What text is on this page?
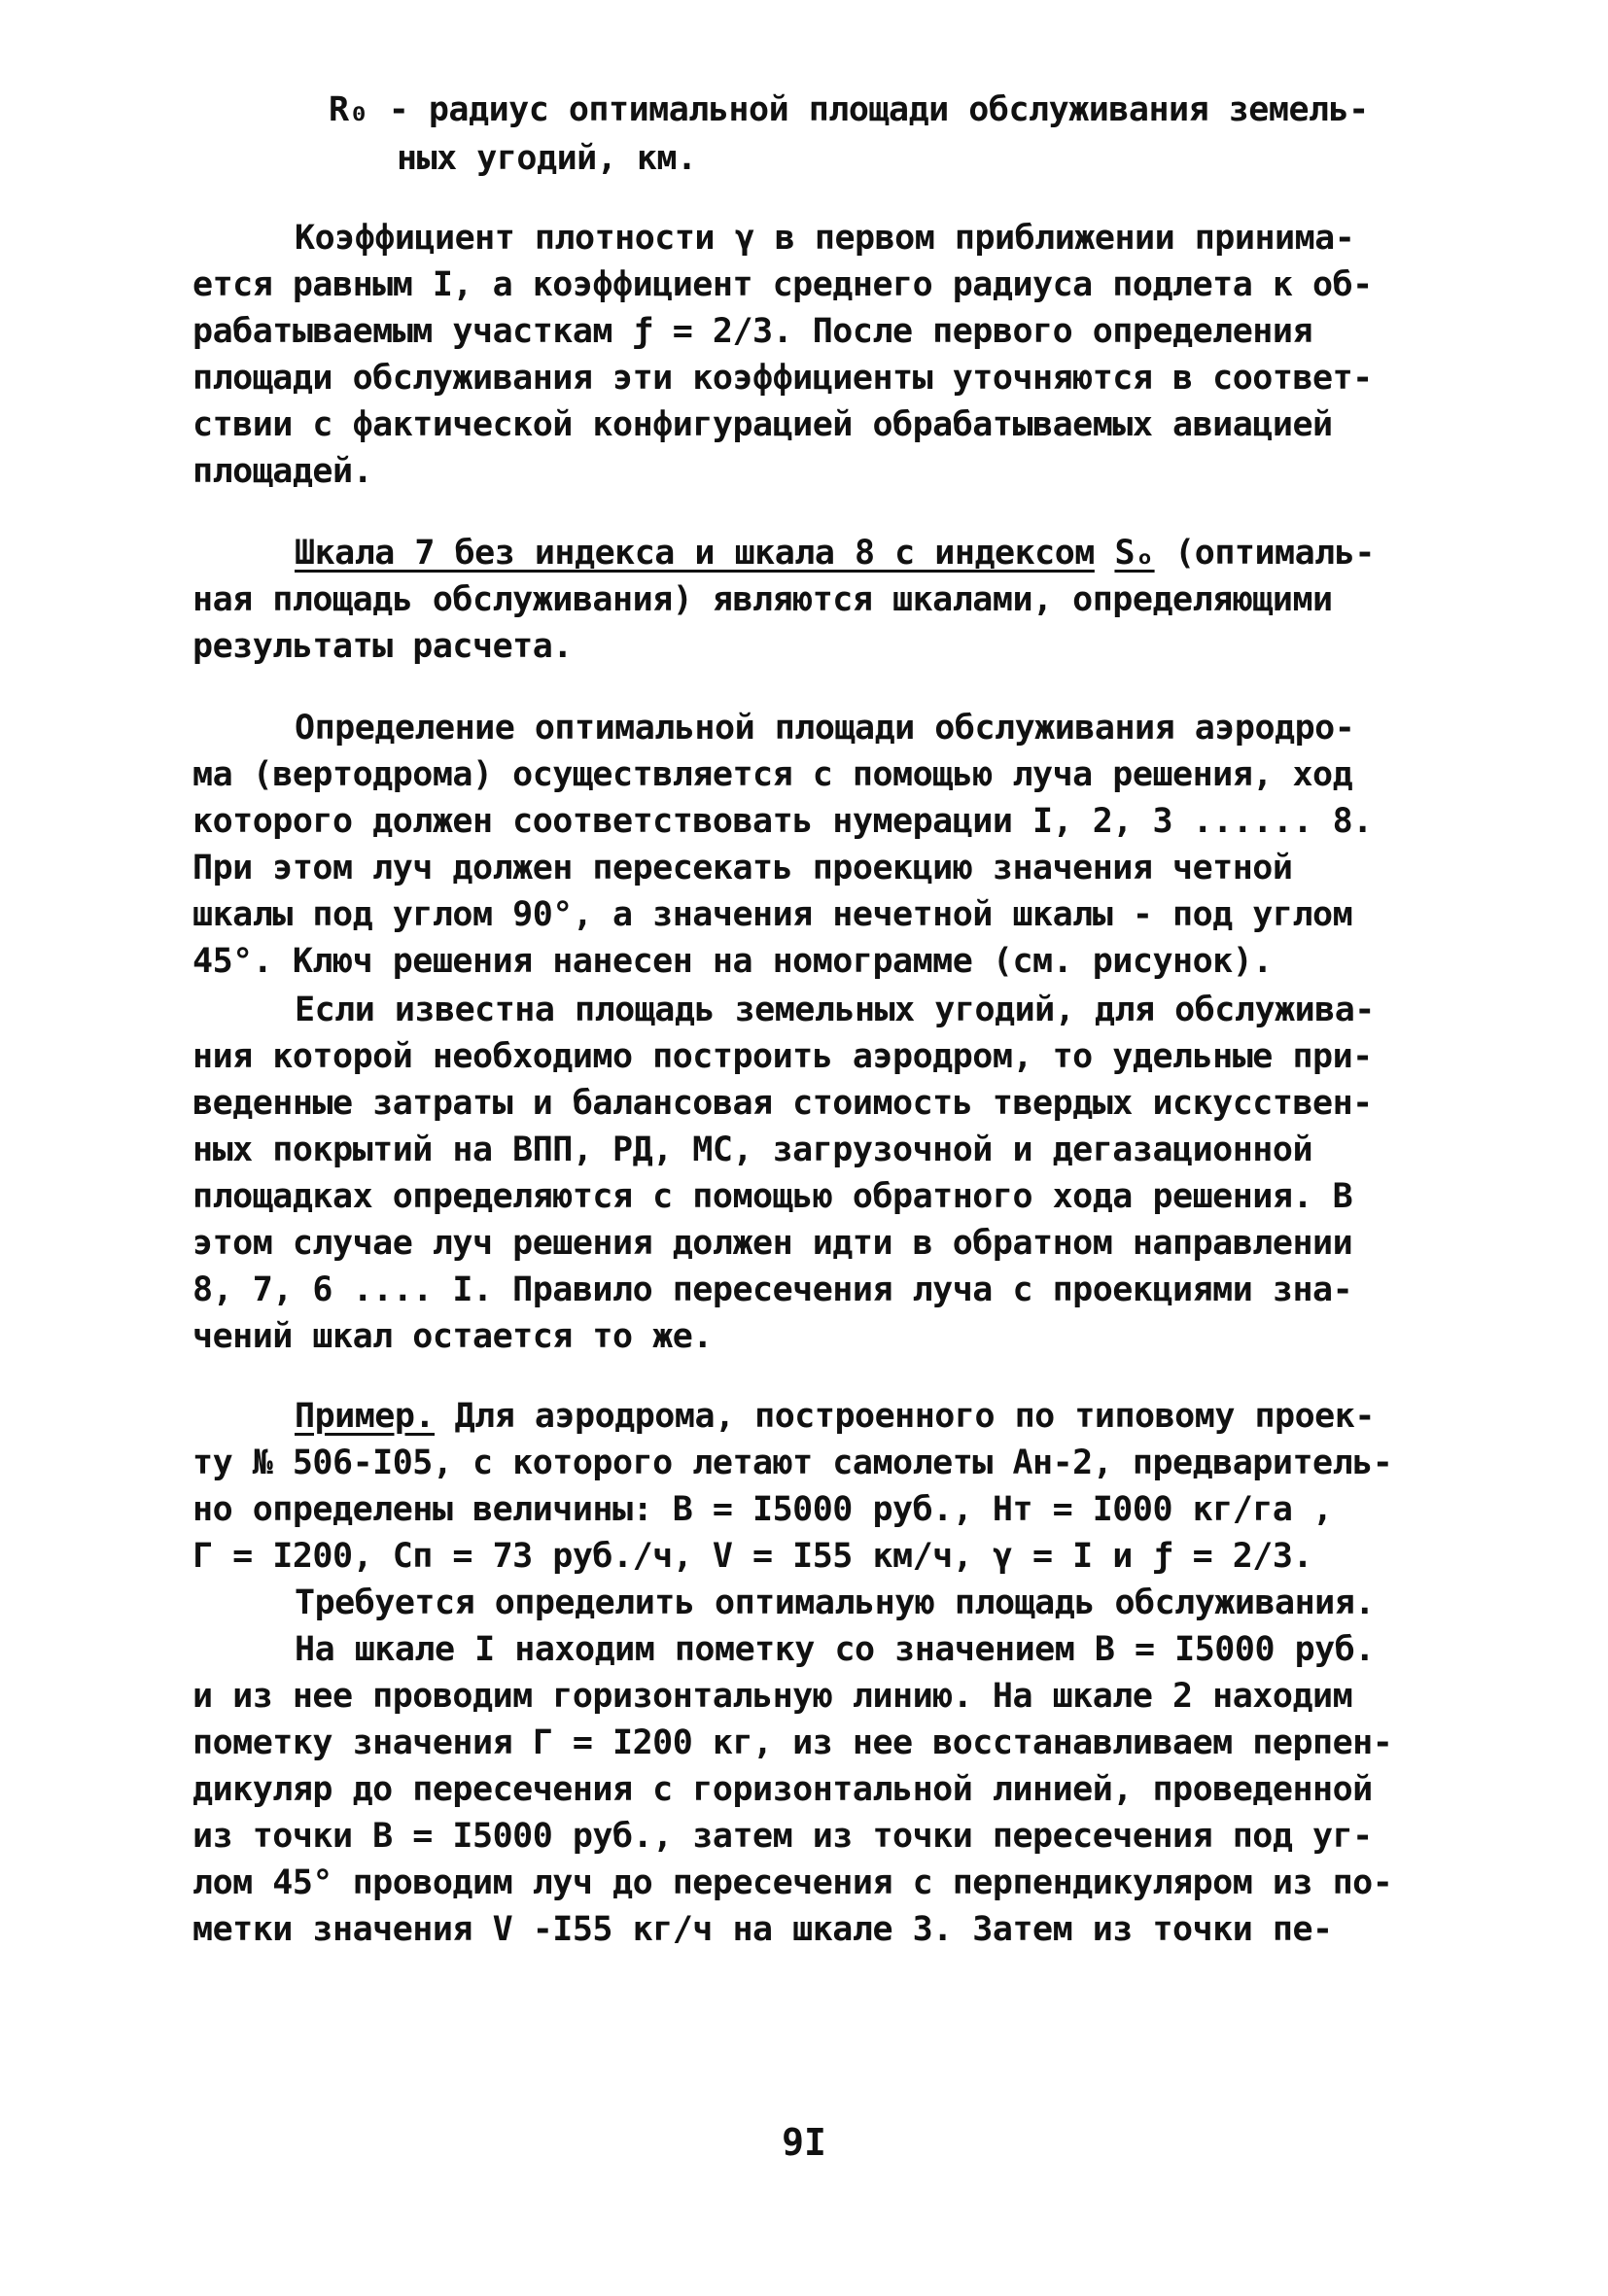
R₀ - радиус оптимальной площади обслуживания земель-
ных угодий, км.
Коэффициент плотности γ в первом приближении принима-
ется равным I, а коэффициент среднего радиуса подлета к об-
рабатываемым участкам ƒ = 2/3. После первого определения
площади обслуживания эти коэффициенты уточняются в соответ-
ствии с фактической конфигурацией обрабатываемых авиацией
площадей.
Шкала 7 без индекса и шкала 8 с индексом Sₒ (оптималь-
ная площадь обслуживания) являются шкалами, определяющими
результаты расчета.
Определение оптимальной площади обслуживания аэродро-
ма (вертодрома) осуществляется с помощью луча решения, ход
которого должен соответствовать нумерации I, 2, 3 ...... 8.
При этом луч должен пересекать проекцию значения четной
шкалы под углом 90°, а значения нечетной шкалы - под углом
45°. Ключ решения нанесен на номограмме (см. рисунок).
Если известна площадь земельных угодий, для обслужива-
ния которой необходимо построить аэродром, то удельные при-
веденные затраты и балансовая стоимость твердых искусствен-
ных покрытий на ВПП, РД, МС, загрузочной и дегазационной
площадках определяются с помощью обратного хода решения. В
этом случае луч решения должен идти в обратном направлении
8, 7, 6 .... I. Правило пересечения луча с проекциями зна-
чений шкал остается то же.
Пример. Для аэродрома, построенного по типовому проек-
ту № 506-I05, с которого летают самолеты Ан-2, предваритель-
но определены величины: B = I5000 руб., Hт = I000 кг/га ,
Г = I200, Cп = 73 руб./ч, V = I55 км/ч, γ = I и ƒ = 2/3.
Требуется определить оптимальную площадь обслуживания.
На шкале I находим пометку со значением B = I5000 руб.
и из нее проводим горизонтальную линию. На шкале 2 находим
пометку значения Г = I200 кг, из нее восстанавливаем перпен-
дикуляр до пересечения с горизонтальной линией, проведенной
из точки B = I5000 руб., затем из точки пересечения под уг-
лом 45° проводим луч до пересечения с перпендикуляром из по-
метки значения V -I55 кг/ч на шкале 3. Затем из точки пе-
9I
